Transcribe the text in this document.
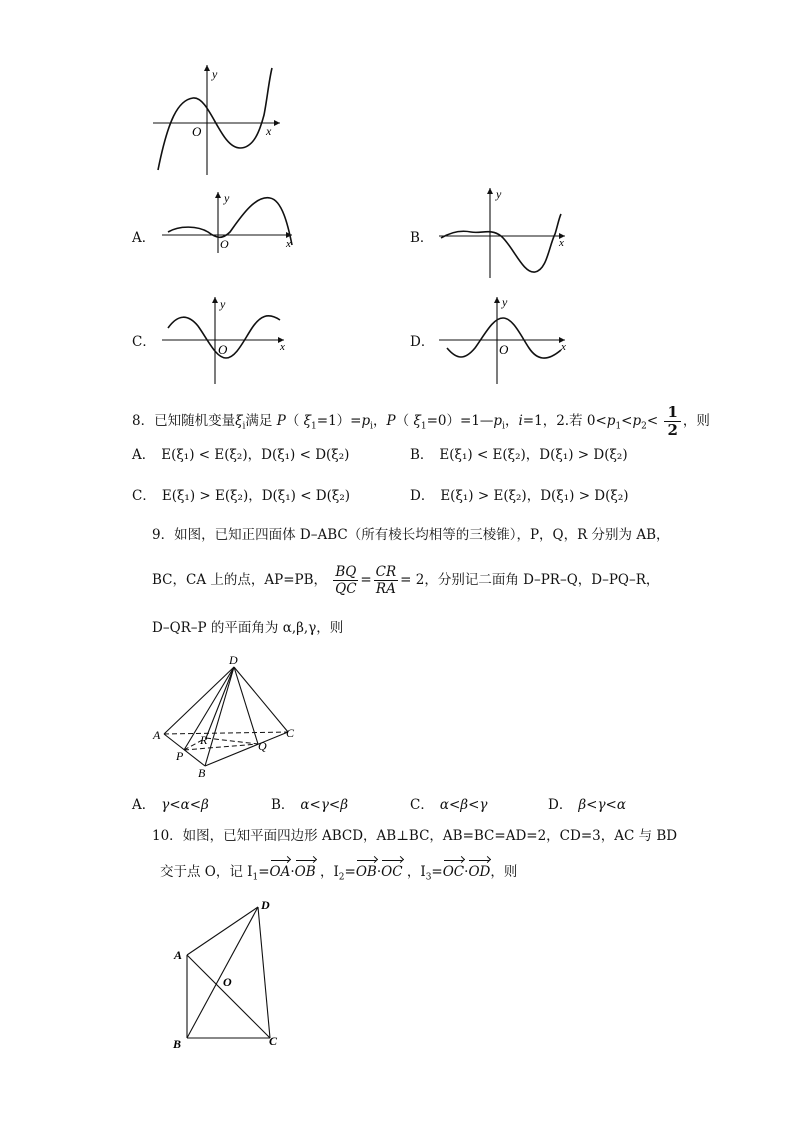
y
O	x
A．
y
O	x	B．
y
x
C．
y
O	x	D．
y
O	x
8．已知随机变量$\xi_i$满足 P（ $\xi_1=1)=p_i$，P（ $\xi_1=0)=1—p_i$，i=1，2.若 $0<p_1<p_2< \frac{1}{2}$ ，则
A． E(ξ₁) < E(ξ₂)，D(ξ₁) < D(ξ₂)	B． E(ξ₁) < E(ξ₂)，D(ξ₁) > D(ξ₂)
C． E(ξ₁) > E(ξ₂)，D(ξ₁) < D(ξ₂)	D． E(ξ₁) > E(ξ₂)，D(ξ₁) > D(ξ₂)
9．如图，已知正四面体 D–ABC（所有棱长均相等的三棱锥），P，Q，R 分别为 AB，
BC，CA 上的点，AP=PB， $\frac{BQ}{QC} = \frac{CR}{RA} = 2$，分别记二面角 D–PR–Q，D–PQ–R，
D–QR–P 的平面角为 α,β,γ，则
D
A	C
R	Q
P
B
A． γ<α<β	B． α<γ<β	C． α<β<γ	D． β<γ<α
10．如图，已知平面四边形 ABCD，AB⊥BC，AB=BC=AD=2，CD=3，AC 与 BD
交于点 O，记 $I_1=OA\cdot OB$ ，$I_2=OB\cdot OC$ ，$I_3=OC\cdot OD$，则
D
A
O
B	C
